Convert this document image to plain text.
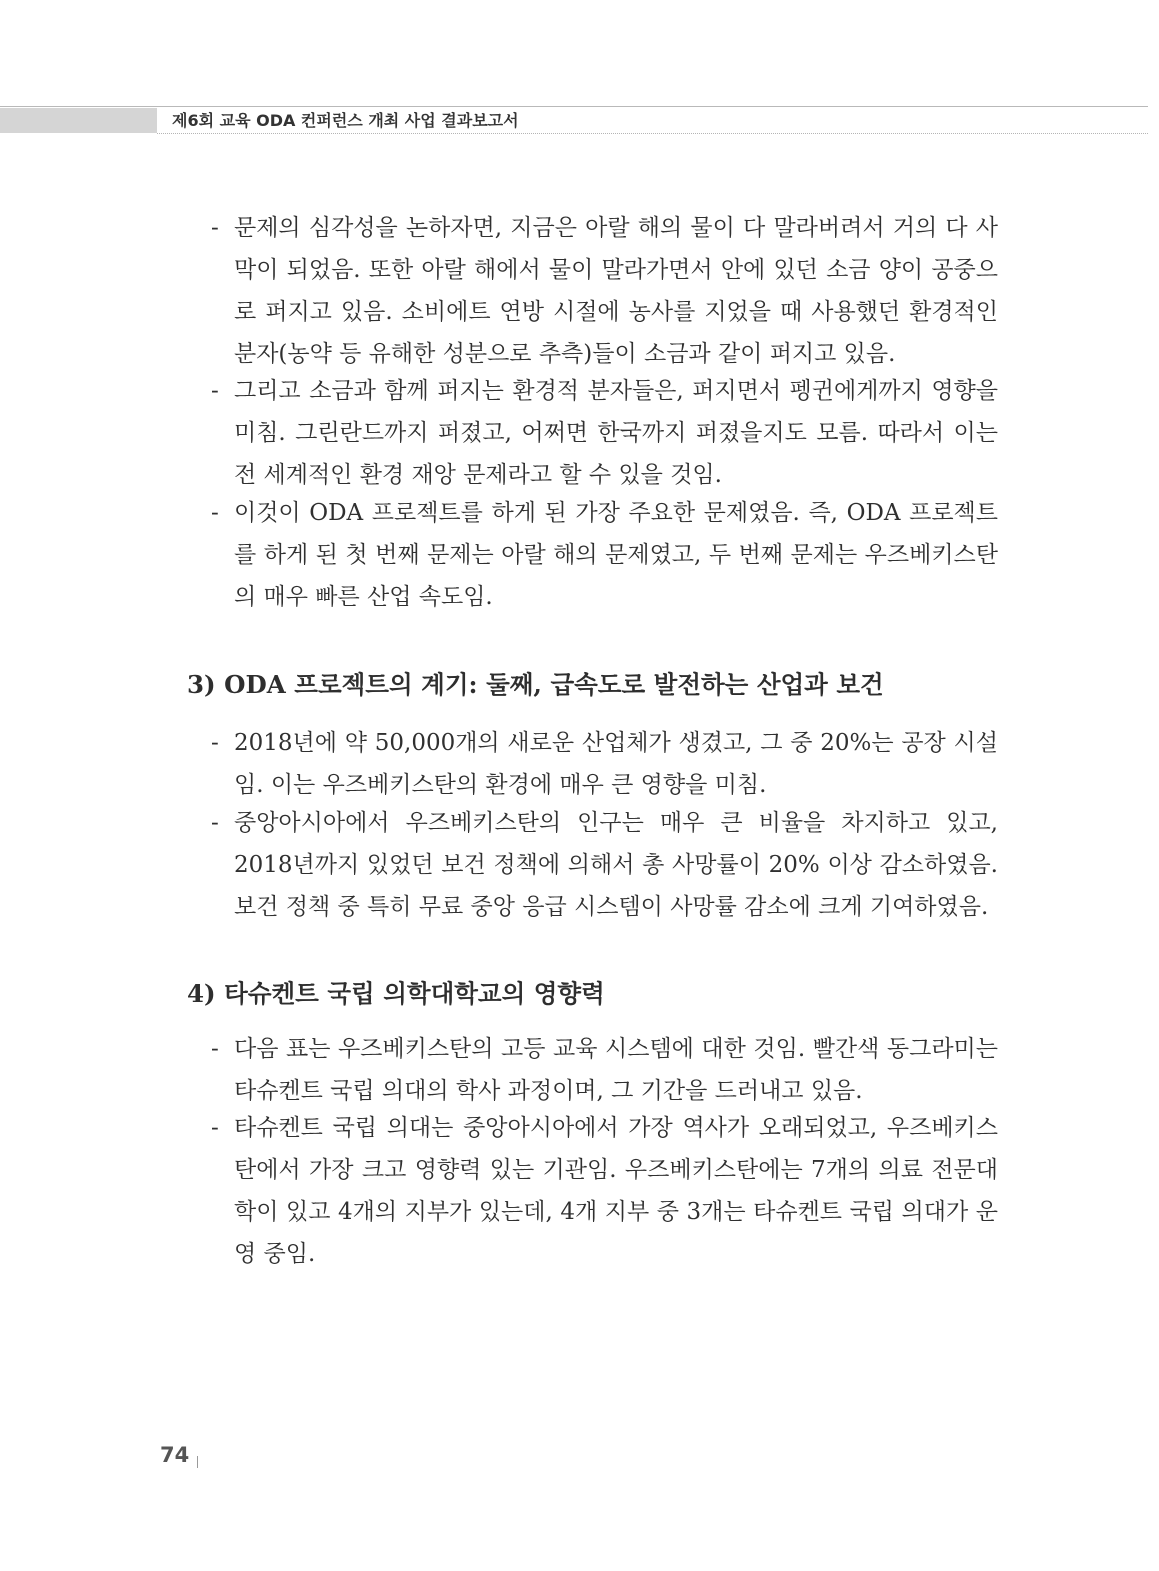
제6회 교육 ODA 컨퍼런스 개최 사업 결과보고서
- 문제의 심각성을 논하자면, 지금은 아랄 해의 물이 다 말라버려서 거의 다 사막이 되었음. 또한 아랄 해에서 물이 말라가면서 안에 있던 소금 양이 공중으로 퍼지고 있음. 소비에트 연방 시절에 농사를 지었을 때 사용했던 환경적인 분자(농약 등 유해한 성분으로 추측)들이 소금과 같이 퍼지고 있음.
- 그리고 소금과 함께 퍼지는 환경적 분자들은, 퍼지면서 펭귄에게까지 영향을 미침. 그린란드까지 퍼졌고, 어쩌면 한국까지 퍼졌을지도 모름. 따라서 이는 전 세계적인 환경 재앙 문제라고 할 수 있을 것임.
- 이것이 ODA 프로젝트를 하게 된 가장 주요한 문제였음. 즉, ODA 프로젝트를 하게 된 첫 번째 문제는 아랄 해의 문제였고, 두 번째 문제는 우즈베키스탄의 매우 빠른 산업 속도임.
3) ODA 프로젝트의 계기: 둘째, 급속도로 발전하는 산업과 보건
- 2018년에 약 50,000개의 새로운 산업체가 생겼고, 그 중 20%는 공장 시설임. 이는 우즈베키스탄의 환경에 매우 큰 영향을 미침.
- 중앙아시아에서 우즈베키스탄의 인구는 매우 큰 비율을 차지하고 있고, 2018년까지 있었던 보건 정책에 의해서 총 사망률이 20% 이상 감소하였음. 보건 정책 중 특히 무료 중앙 응급 시스템이 사망률 감소에 크게 기여하였음.
4) 타슈켄트 국립 의학대학교의 영향력
- 다음 표는 우즈베키스탄의 고등 교육 시스템에 대한 것임. 빨간색 동그라미는 타슈켄트 국립 의대의 학사 과정이며, 그 기간을 드러내고 있음.
- 타슈켄트 국립 의대는 중앙아시아에서 가장 역사가 오래되었고, 우즈베키스탄에서 가장 크고 영향력 있는 기관임. 우즈베키스탄에는 7개의 의료 전문대학이 있고 4개의 지부가 있는데, 4개 지부 중 3개는 타슈켄트 국립 의대가 운영 중임.
74
